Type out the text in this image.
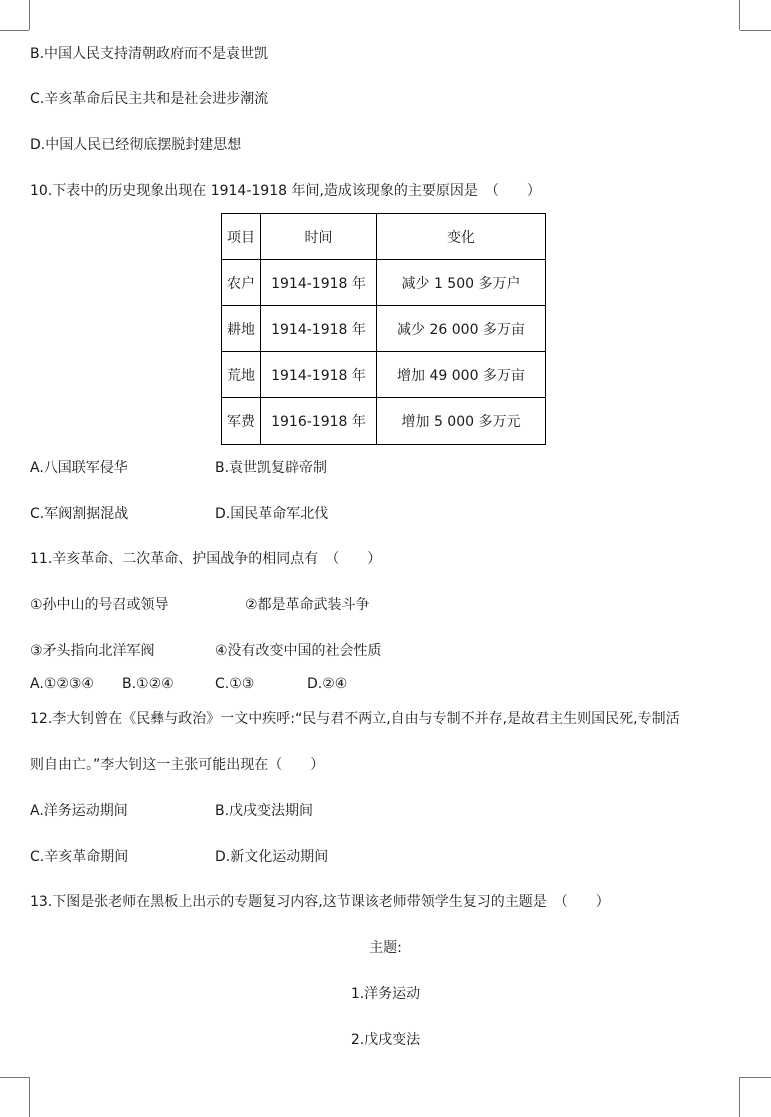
B.中国人民支持清朝政府而不是袁世凯
C.辛亥革命后民主共和是社会进步潮流
D.中国人民已经彻底摆脱封建思想
10.下表中的历史现象出现在 1914-1918 年间,造成该现象的主要原因是　（　　）
项目	时间	变化
农户	1914-1918 年	减少 1 500 多万户
耕地	1914-1918 年	减少 26 000 多万亩
荒地	1914-1918 年	增加 49 000 多万亩
军费	1916-1918 年	增加 5 000 多万元
A.八国联军侵华	B.袁世凯复辟帝制
C.军阀割据混战	D.国民革命军北伐
11.辛亥革命、二次革命、护国战争的相同点有　（　　）
①孙中山的号召或领导	②都是革命武装斗争
③矛头指向北洋军阀	④没有改变中国的社会性质
A.①②③④ B.①②④	C.①③	D.②④
12.李大钊曾在《民彝与政治》一文中疾呼:“民与君不两立,自由与专制不并存,是故君主生则国民死,专制活
则自由亡。”李大钊这一主张可能出现在（　　）
A.洋务运动期间	B.戊戌变法期间
C.辛亥革命期间	D.新文化运动期间
13.下图是张老师在黑板上出示的专题复习内容,这节课该老师带领学生复习的主题是　（　　）
主题:
1.洋务运动
2.戊戌变法
